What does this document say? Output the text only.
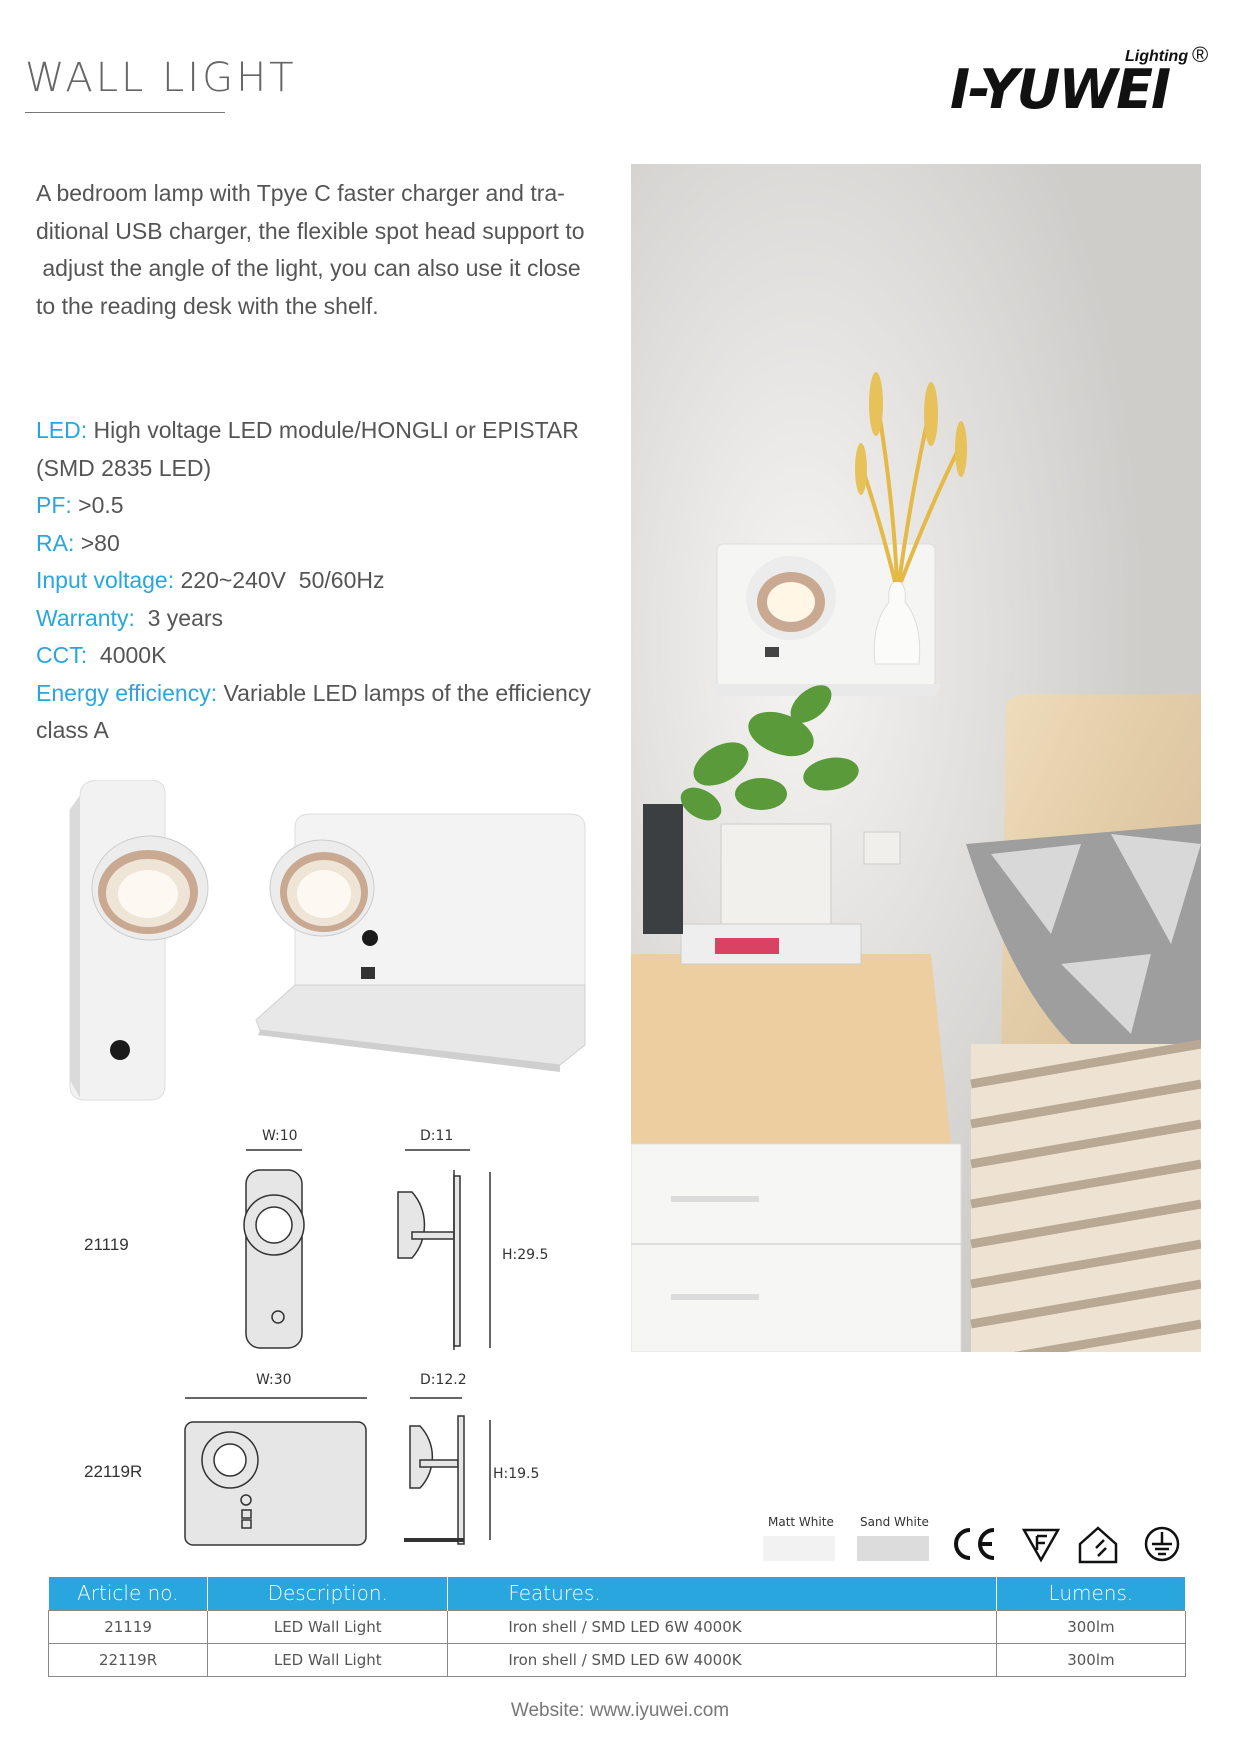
WALL LIGHT	Lighting ®
I-YUWEI
A bedroom lamp with Tpye C faster charger and tra-
ditional USB charger, the flexible spot head support to
adjust the angle of the light, you can also use it close
to the reading desk with the shelf.
LED: High voltage LED module/HONGLI or EPISTAR
(SMD 2835 LED)
PF: >0.5
RA: >80
Input voltage: 220~240V  50/60Hz
Warranty:  3 years
CCT:  4000K
Energy efficiency: Variable LED lamps of the efficiency
class A
21119
W:10	D:11
H:29.5
22119R
W:30	D:12.2
H:19.5
Matt White Sand White
Article no.	Description.	Features.	Lumens.
21119	LED Wall Light	Iron shell / SMD LED 6W 4000K	300lm
22119R	LED Wall Light	Iron shell / SMD LED 6W 4000K	300lm
Website: www.iyuwei.com
